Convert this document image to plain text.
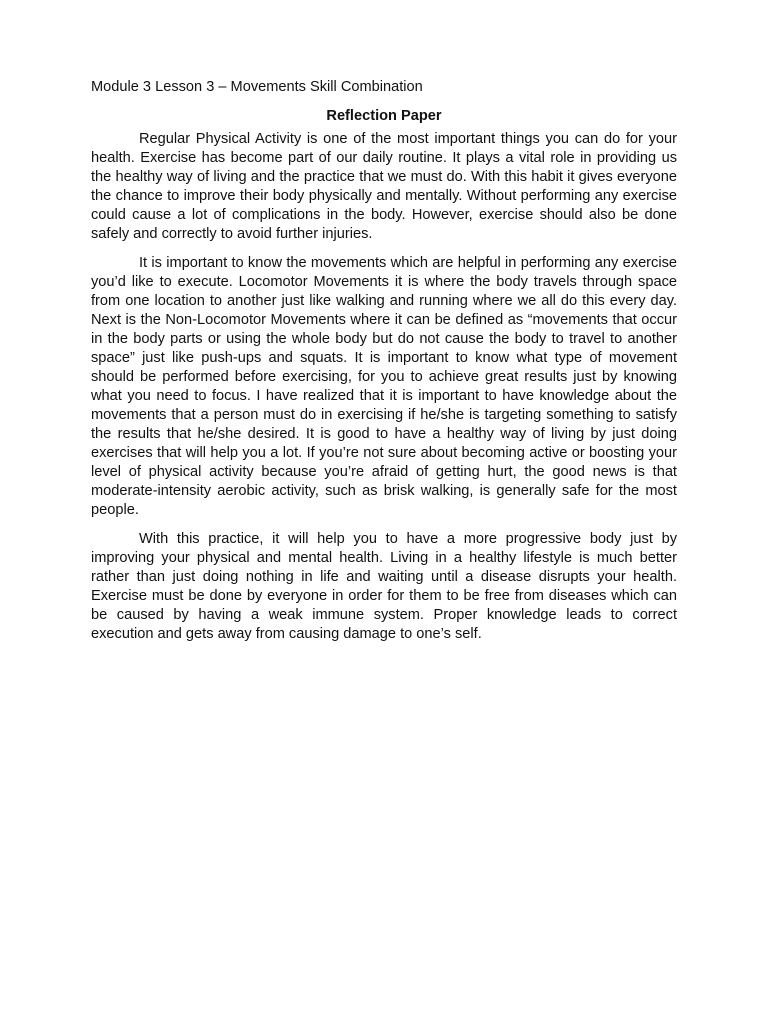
Module 3 Lesson 3 – Movements Skill Combination

Reflection Paper

Regular Physical Activity is one of the most important things you can do for your health. Exercise has become part of our daily routine. It plays a vital role in providing us the healthy way of living and the practice that we must do. With this habit it gives everyone the chance to improve their body physically and mentally. Without performing any exercise could cause a lot of complications in the body. However, exercise should also be done safely and correctly to avoid further injuries.

It is important to know the movements which are helpful in performing any exercise you’d like to execute. Locomotor Movements it is where the body travels through space from one location to another just like walking and running where we all do this every day. Next is the Non-Locomotor Movements where it can be defined as “movements that occur in the body parts or using the whole body but do not cause the body to travel to another space” just like push-ups and squats. It is important to know what type of movement should be performed before exercising, for you to achieve great results just by knowing what you need to focus. I have realized that it is important to have knowledge about the movements that a person must do in exercising if he/she is targeting something to satisfy the results that he/she desired. It is good to have a healthy way of living by just doing exercises that will help you a lot. If you’re not sure about becoming active or boosting your level of physical activity because you’re afraid of getting hurt, the good news is that moderate-intensity aerobic activity, such as brisk walking, is generally safe for the most people.

With this practice, it will help you to have a more progressive body just by improving your physical and mental health. Living in a healthy lifestyle is much better rather than just doing nothing in life and waiting until a disease disrupts your health. Exercise must be done by everyone in order for them to be free from diseases which can be caused by having a weak immune system. Proper knowledge leads to correct execution and gets away from causing damage to one’s self.
